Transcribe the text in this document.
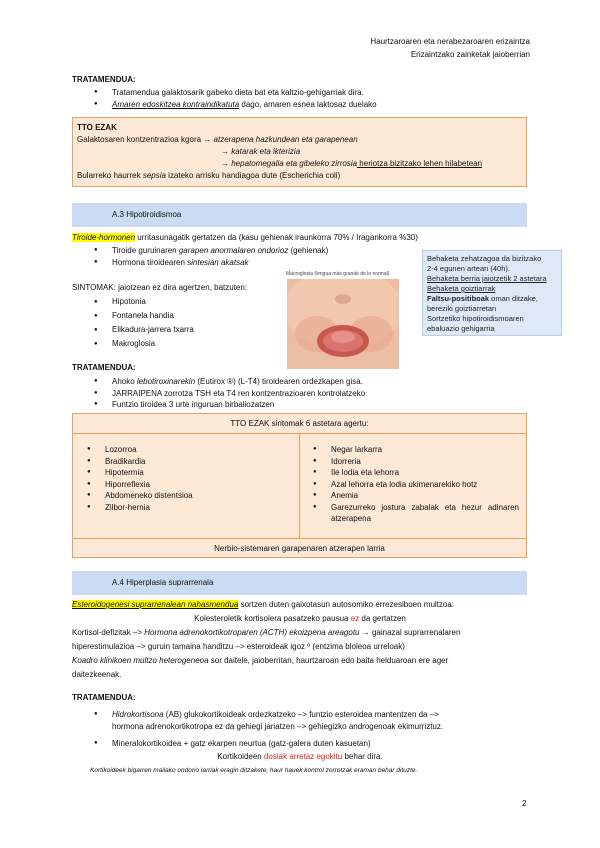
Haurtzaroaren eta nerabezaroaren erizaintza
Erizaintzako zainketak jaioberrian
TRATAMENDUA:
● Tratamendua galaktosarik gabeko dieta bat eta kaltzio-gehigarriak dira.
● Amaren edoskitzea kontraindikatuta dago, amaren esnea laktosaz duelako
TTO EZAK
Galaktosaren kontzentrazioa kgora → atzerapena hazkundean eta garapenean
→ katarak eta ikterizia
→ hepatomegalia eta gibeleko zirrosia heriotza bizitzako lehen hilabetean
Bularreko haurrek sepsia izateko arrisku handiagoa dute (Escherichia coli)
A.3 Hipotiroidismoa
Tiroide-hormonen urritasunagatik gertatzen da (kasu gehienak iraunkorra 70% / Iragankorra %30)
● Tiroide guruinaren garapen anormalaren ondorioz (gehienak)
● Hormona tiroidearen sintesian akatsak
Macroglosia (lengua más grande de lo normal)
Behaketa zehatzagoa da bizitzako
2-4 egunen artean (40h).
Behaketa berria jaiotzetik 2 astetara
Behaketa goiztiarrak
Faltsu-positiboak oman ditzake,
bereziki goiztiarretan
Sortzetiko hipotiroidismoaren
ebaluazio gehigarria
SINTOMAK: jaiotzean ez dira agertzen, batzuten:
● Hipotonia
● Fontanela handia
● Elikadura-jarrera txarra
● Makroglosia
TRATAMENDUA:
● Ahoko lebotiroxinarekin (Eutirox ®) (L-T4) tiroidearen ordezkapen gisa.
● JARRAIPENA zorrotza TSH eta T4 ren kontzentrazioaren kontrolatzeko
● Funtzio tiroidea 3 urte inguruan birbaliozatzen
TTO EZAK sintomak 6 astetara agertu:
● Lozorroa
● Bradikardia
● Hipotermia
● Hiporreflexia
● Abdomeneko distentsioa
● Zilbor-hernia
● Negar larkarra
● Idorreria
● Ile lodia eta lehorra
● Azal lehorra eta lodia ukimenarekiko hotz
● Anemia
● Garezurreko jostura zabalak eta hezur adinaren atzerapena
Nerbio-sistemaren garapenaren atzerapen larria
A.4 Hiperplasia suprarrenala
Esteroidogenesi suprarrenalean nahasmendua sortzen duten gaixotasun autosomiko errezesiboen multzoa:
Kolesteroletik kortisolera pasatzeko pausua ez da gertatzen
Kortisol-defizitak –> Hormona adrenokortikotroparen (ACTH) ekoizpena areagotu → gainazal suprarrenalaren
hiperestimulazioa –> guruin tamaina handitzu –> esteroideak igoz º (entzima bloleoa urreloak)
Koadro klinikoen multzo heterogeneoa sor daitele, jaioberritan, haurtzaroan edo baita helduaroan ere ager
daitezkeenak.
TRATAMENDUA:
● Hidrokortisona (AB) glukokortikoideak ordezkatzeko –> funtzio esteroidea mantentzen da –>
hormona adrenokortikotropa ez da gehiegi jariatzen –> gehiegizko androgenoak ekimurriztuz.
● Mineralokortikoidea + gatz ekarpen neurtua (gatz-galera duten kasuetan)
Kortikoideen dosiak arretaz egokitu behar dira.
Kortikoideek bigarren mailako ondorio larriak eragin ditzakete, haur hauek kontrol zorrotzak eraman behar dituzte.
2
